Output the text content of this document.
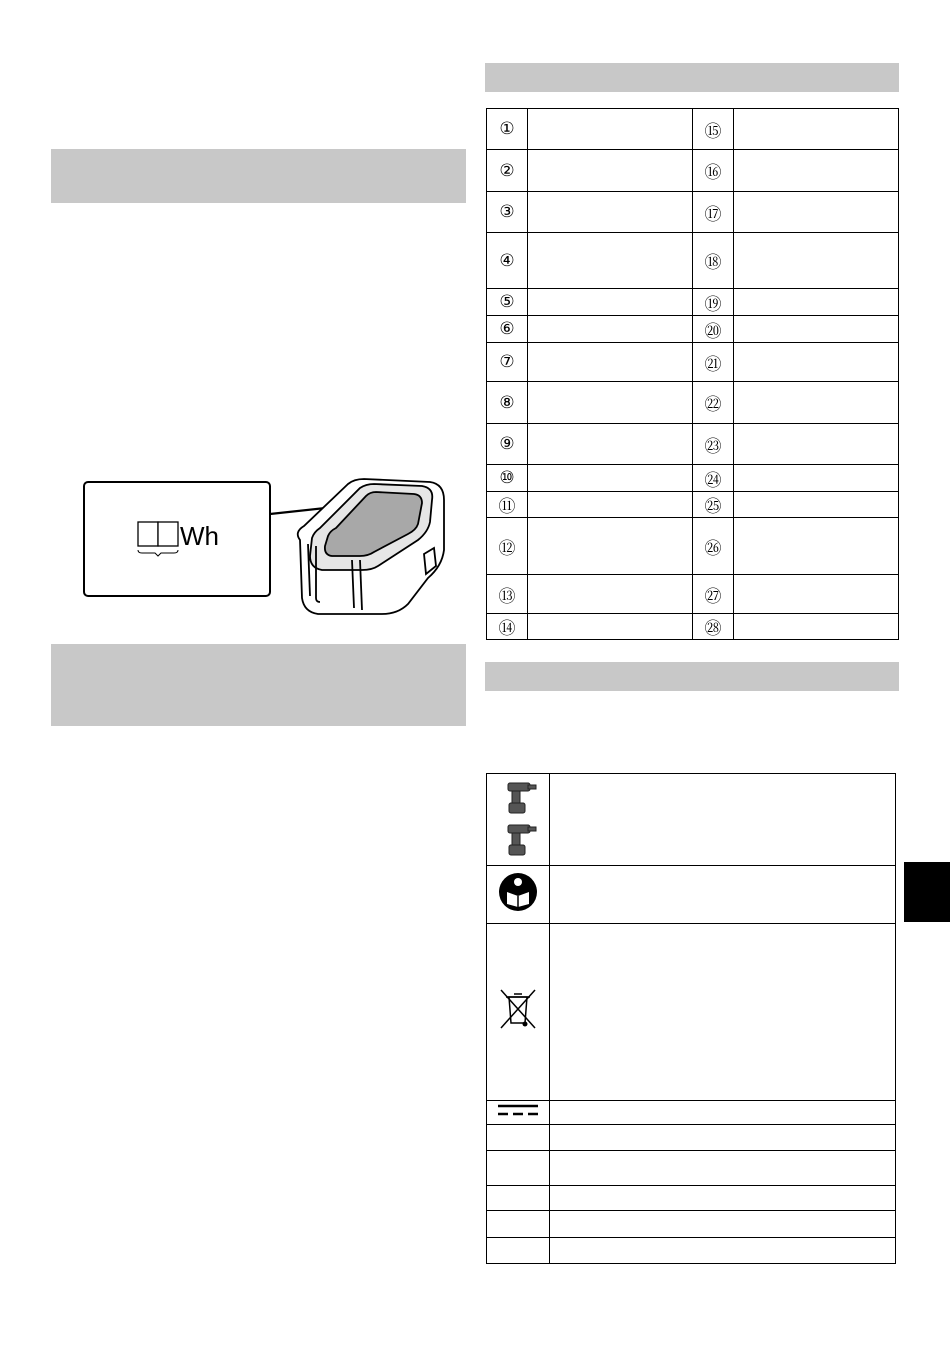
Wh
①		⑮	
②		⑯	
③		⑰	
④		⑱	
⑤		⑲	
⑥		⑳	
⑦		㉑	
⑧		㉒	
⑨		㉓	
⑩		㉔	
⑪		㉕	
⑫		㉖	
⑬		㉗	
⑭		㉘	
